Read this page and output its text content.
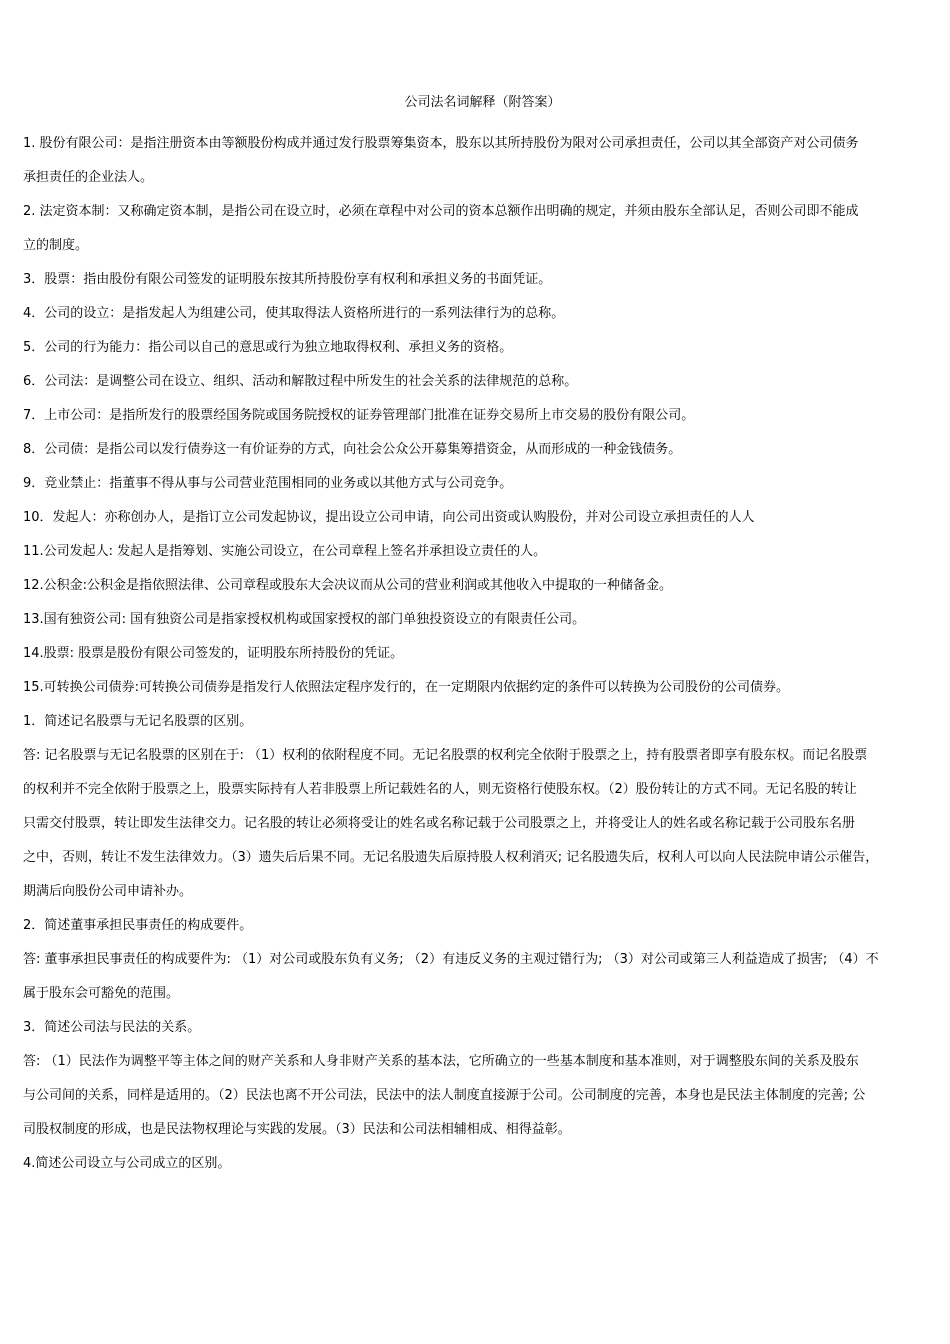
公司法名词解释（附答案）
1. 股份有限公司：是指注册资本由等额股份构成并通过发行股票筹集资本，股东以其所持股份为限对公司承担责任，公司以其全部资产对公司债务
承担责任的企业法人。
2. 法定资本制：又称确定资本制，是指公司在设立时，必须在章程中对公司的资本总额作出明确的规定，并须由股东全部认足，否则公司即不能成
立的制度。
3．股票：指由股份有限公司签发的证明股东按其所持股份享有权利和承担义务的书面凭证。
4．公司的设立：是指发起人为组建公司，使其取得法人资格所进行的一系列法律行为的总称。
5．公司的行为能力：指公司以自己的意思或行为独立地取得权利、承担义务的资格。
6．公司法：是调整公司在设立、组织、活动和解散过程中所发生的社会关系的法律规范的总称。
7．上市公司：是指所发行的股票经国务院或国务院授权的证券管理部门批准在证券交易所上市交易的股份有限公司。
8．公司债：是指公司以发行债券这一有价证券的方式，向社会公众公开募集筹措资金，从而形成的一种金钱债务。
9．竞业禁止：指董事不得从事与公司营业范围相同的业务或以其他方式与公司竞争。
10．发起人：亦称创办人，是指订立公司发起协议，提出设立公司申请，向公司出资或认购股份，并对公司设立承担责任的人人
11.公司发起人: 发起人是指筹划、实施公司设立，在公司章程上签名并承担设立责任的人。
12.公积金:公积金是指依照法律、公司章程或股东大会决议而从公司的营业利润或其他收入中提取的一种储备金。
13.国有独资公司: 国有独资公司是指家授权机构或国家授权的部门单独投资设立的有限责任公司。
14.股票: 股票是股份有限公司签发的，证明股东所持股份的凭证。
15.可转换公司债券:可转换公司债券是指发行人依照法定程序发行的，在一定期限内依据约定的条件可以转换为公司股份的公司债券。
1．简述记名股票与无记名股票的区别。
答: 记名股票与无记名股票的区别在于: （1）权利的依附程度不同。无记名股票的权利完全依附于股票之上，持有股票者即享有股东权。而记名股票
的权利并不完全依附于股票之上，股票实际持有人若非股票上所记载姓名的人，则无资格行使股东权。（2）股份转让的方式不同。无记名股的转让
只需交付股票，转让即发生法律交力。记名股的转让必须将受让的姓名或名称记载于公司股票之上，并将受让人的姓名或名称记载于公司股东名册
之中，否则，转让不发生法律效力。（3）遗失后后果不同。无记名股遗失后原持股人权利消灭; 记名股遗失后，权利人可以向人民法院申请公示催告，
期满后向股份公司申请补办。
2．简述董事承担民事责任的构成要件。
答: 董事承担民事责任的构成要件为: （1）对公司或股东负有义务; （2）有违反义务的主观过错行为; （3）对公司或第三人利益造成了损害; （4）不
属于股东会可豁免的范围。
3．简述公司法与民法的关系。
答: （1）民法作为调整平等主体之间的财产关系和人身非财产关系的基本法，它所确立的一些基本制度和基本准则，对于调整股东间的关系及股东
与公司间的关系，同样是适用的。（2）民法也离不开公司法，民法中的法人制度直接源于公司。公司制度的完善，本身也是民法主体制度的完善; 公
司股权制度的形成，也是民法物权理论与实践的发展。（3）民法和公司法相辅相成、相得益彰。
4.简述公司设立与公司成立的区别。
